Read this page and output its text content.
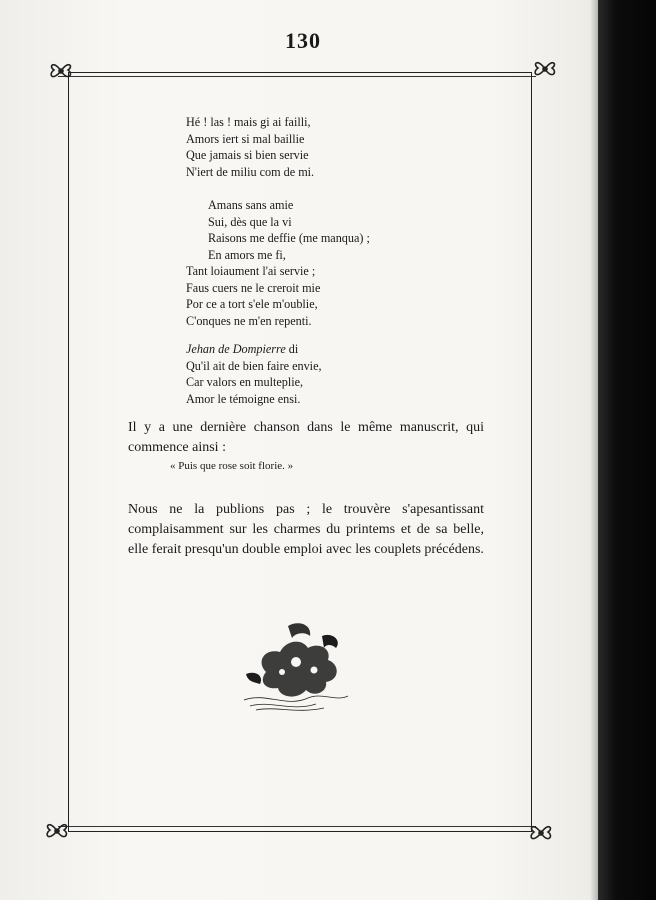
130
Hé ! las ! mais gi ai failli,
Amors iert si mal baillie
Que jamais si bien servie
N'iert de miliu com de mi.
Amans sans amie
Sui, dès que la vi
Raisons me deffie (me manqua) ;
En amors me fi,
Tant loiaument l'ai servie ;
Faus cuers ne le creroit mie
Por ce a tort s'ele m'oublie,
C'onques ne m'en repenti.
Jehan de Dompierre di
Qu'il ait de bien faire envie,
Car valors en multeplie,
Amor le témoigne ensi.

Il y a une dernière chanson dans le même manuscrit, qui commence ainsi :

« Puis que rose soit florie. »

Nous ne la publions pas ; le trouvère s'apesantissant complaisamment sur les charmes du printems et de sa belle, elle ferait presqu'un double emploi avec les couplets précédens.
